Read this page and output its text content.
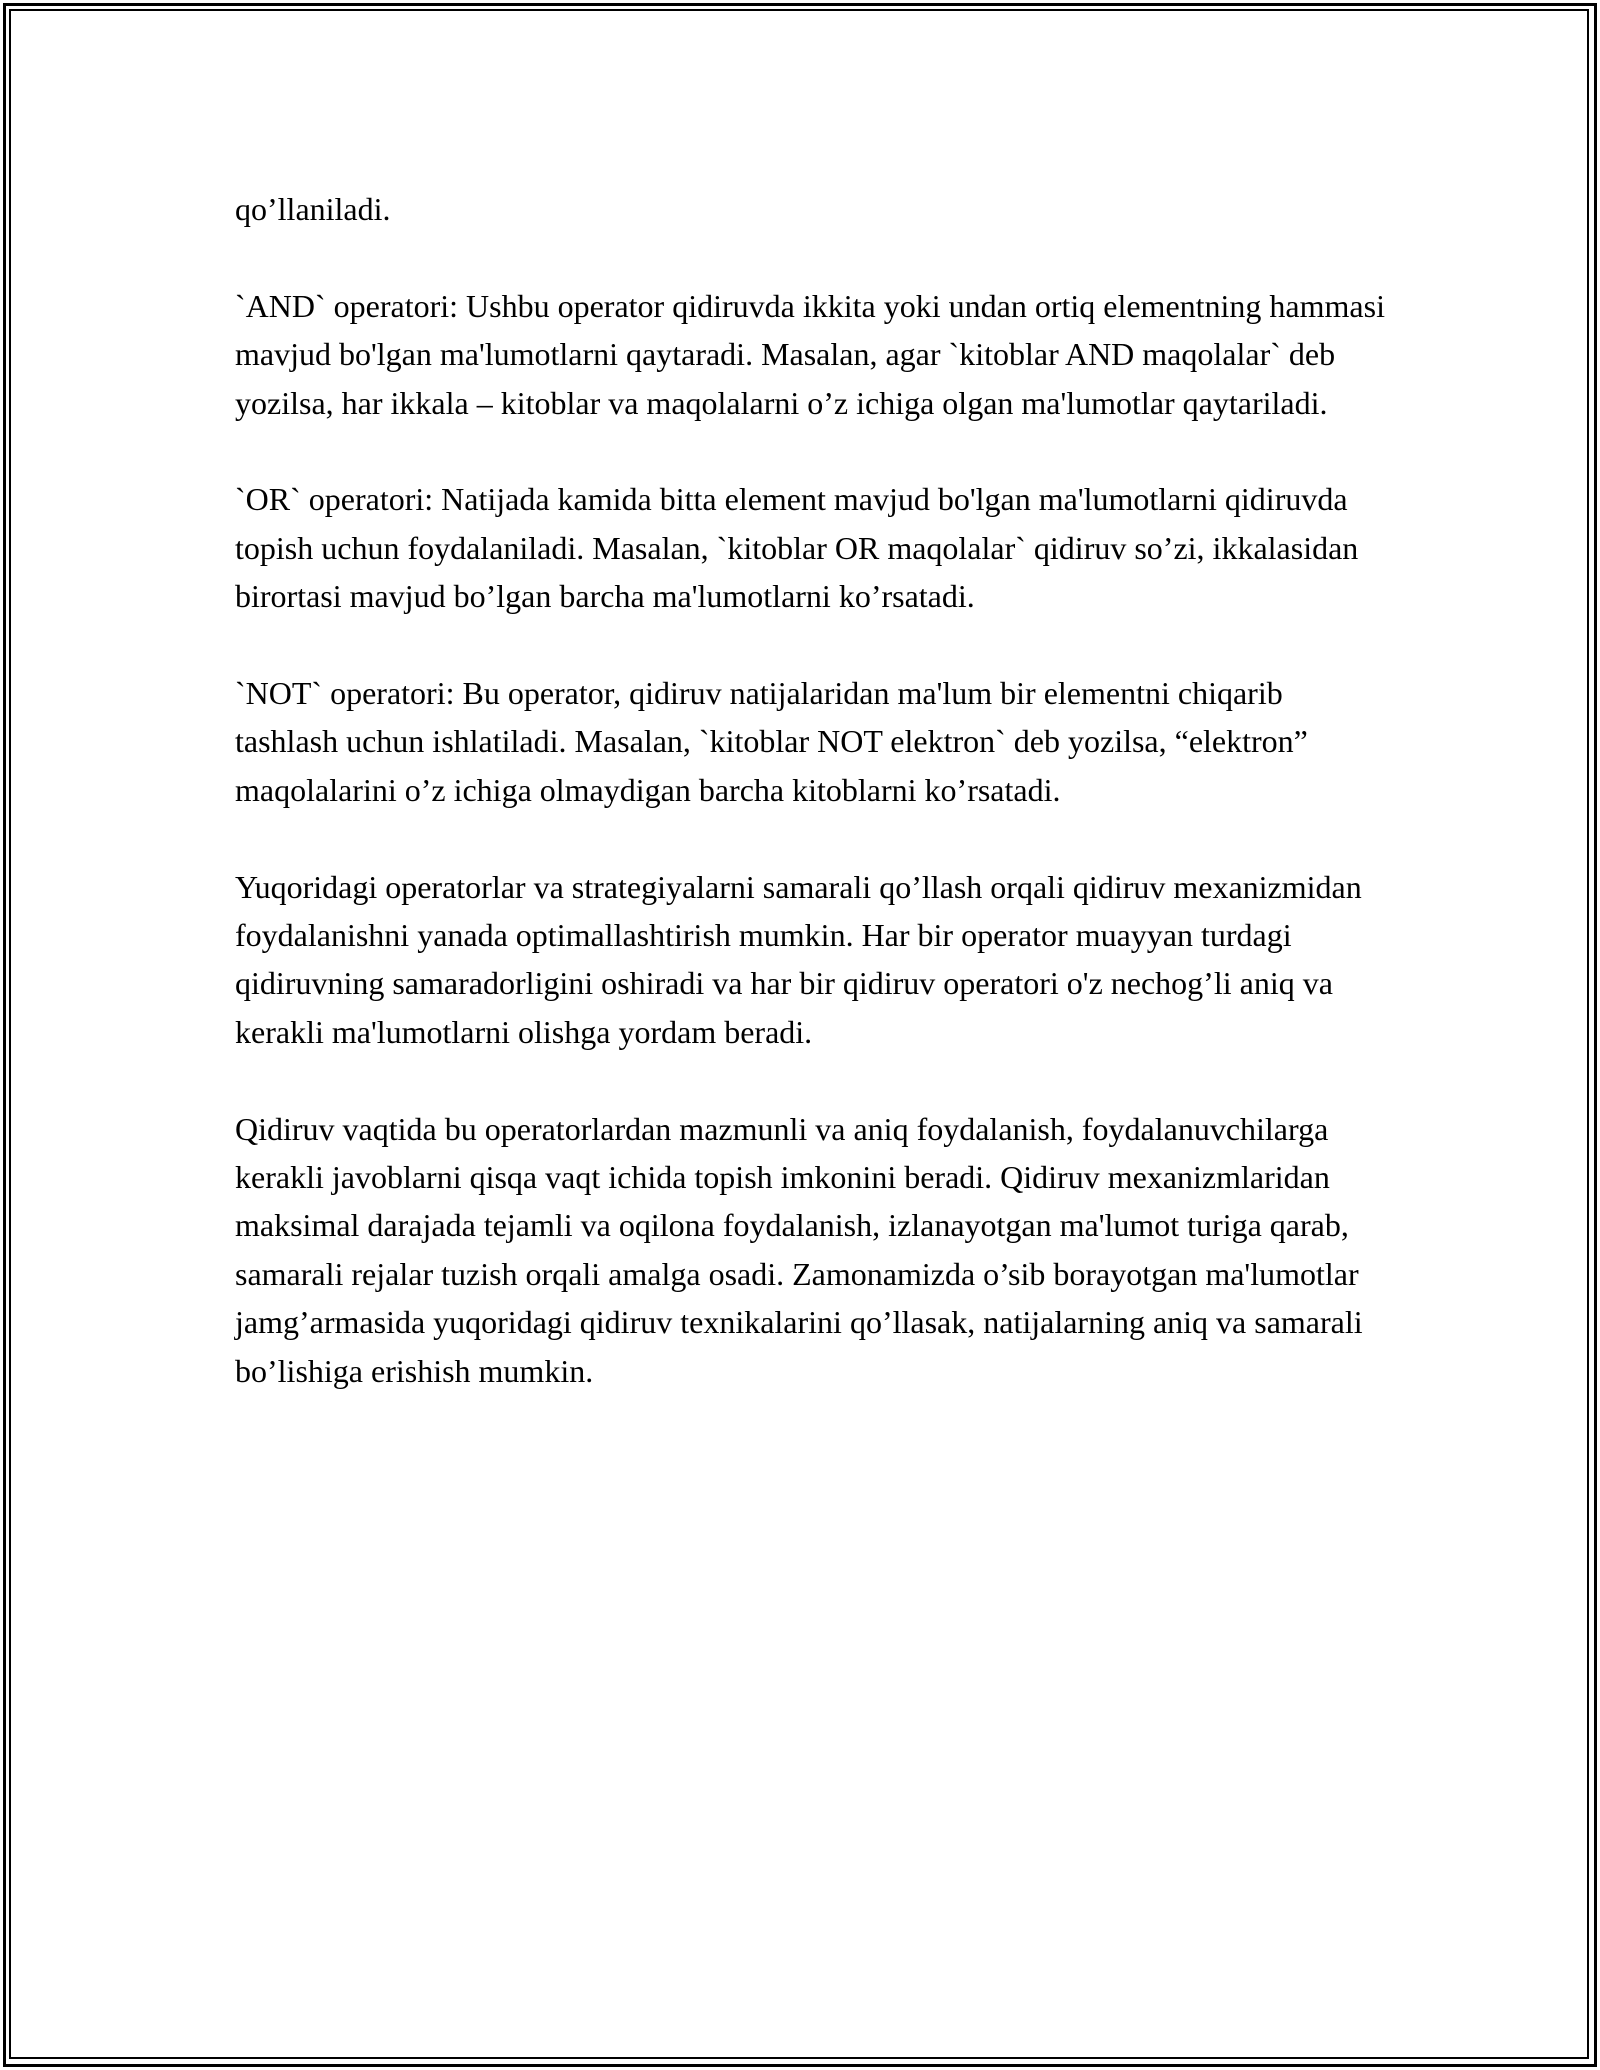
qo’llaniladi.

`AND` operatori: Ushbu operator qidiruvda ikkita yoki undan ortiq elementning hammasi mavjud bo'lgan ma'lumotlarni qaytaradi. Masalan, agar `kitoblar AND maqolalar` deb yozilsa, har ikkala – kitoblar va maqolalarni o’z ichiga olgan ma'lumotlar qaytariladi.

`OR` operatori: Natijada kamida bitta element mavjud bo'lgan ma'lumotlarni qidiruvda topish uchun foydalaniladi. Masalan, `kitoblar OR maqolalar` qidiruv so’zi, ikkalasidan birortasi mavjud bo’lgan barcha ma'lumotlarni ko’rsatadi.

`NOT` operatori: Bu operator, qidiruv natijalaridan ma'lum bir elementni chiqarib tashlash uchun ishlatiladi. Masalan, `kitoblar NOT elektron` deb yozilsa, “elektron” maqolalarini o’z ichiga olmaydigan barcha kitoblarni ko’rsatadi.

Yuqoridagi operatorlar va strategiyalarni samarali qo’llash orqali qidiruv mexanizmidan foydalanishni yanada optimallashtirish mumkin. Har bir operator muayyan turdagi qidiruvning samaradorligini oshiradi va har bir qidiruv operatori o'z nechog’li aniq va kerakli ma'lumotlarni olishga yordam beradi.

Qidiruv vaqtida bu operatorlardan mazmunli va aniq foydalanish, foydalanuvchilarga kerakli javoblarni qisqa vaqt ichida topish imkonini beradi. Qidiruv mexanizmlaridan maksimal darajada tejamli va oqilona foydalanish, izlanayotgan ma'lumot turiga qarab, samarali rejalar tuzish orqali amalga osadi. Zamonamizda o’sib borayotgan ma'lumotlar jamg’armasida yuqoridagi qidiruv texnikalarini qo’llasak, natijalarning aniq va samarali bo’lishiga erishish mumkin.
